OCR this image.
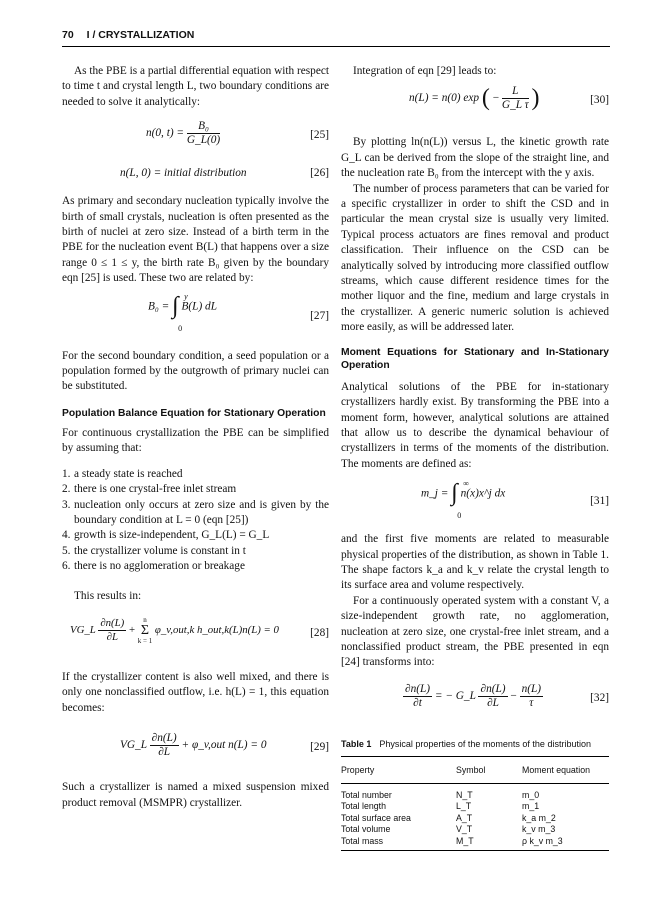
70 I / CRYSTALLIZATION

As the PBE is a partial differential equation with respect to time t and crystal length L, two boundary conditions are needed to solve it analytically:

n(0, $t) = \frac{\text{B₀}}{G\_L(0)}$	[25]
n(L, 0) = initial distribution	[26]

As primary and secondary nucleation typically involve the birth of small crystals, nucleation is often presented as the birth of nuclei at zero size. Instead of a birth term in the PBE for the nucleation event B(L) that happens over a size range 0 ≤ 1 ≤ y, the birth rate B₀ given by the boundary eqn [25] is used. These two are related by:

B₀ = ∫ y
0
B(L) dL
[27]

For the second boundary condition, a seed population or a population formed by the outgrowth of primary nuclei can be substituted.

Population Balance Equation for Stationary Operation

For continuous crystallization the PBE can be simplified by assuming that:

1. a steady state is reached
2. there is one crystal-free inlet stream
3. nucleation only occurs at zero size and is given by the boundary condition at L = 0 (eqn [25])
4. growth is size-independent, G_L(L) = G_L
5. the crystallizer volume is constant in t
6. there is no agglomeration or breakage

This results in:

VG_L $\frac{\partial n(L)}{\partial L}$ +
n
Σ
k = 1
φ_v,out,k h_out,k(L)n(L) = 0	[28]

If the crystallizer content is also well mixed, and there is only one nonclassified outflow, i.e. h(L) = 1, this equation becomes:

VG_L $\frac{\partial n(L)}{\partial L}$ + φ_v,out n(L) = 0	[29]

Such a crystallizer is named a mixed suspension mixed product removal (MSMPR) crystallizer.

Integration of eqn [29] leads to:

n(L) = n(0) exp ( − $\frac{L}{\text{G\_L τ}}$ )	[30]

By plotting ln(n(L)) versus L, the kinetic growth rate G_L can be derived from the slope of the straight line, and the nucleation rate B₀ from the intercept with the y axis.

The number of process parameters that can be varied for a specific crystallizer in order to shift the CSD and in particular the mean crystal size is usually very limited. Typical process actuators are fines removal and product classification. Their influence on the CSD can be analytically solved by introducing more classified outflow streams, which cause different residence times for the mother liquor and the fine, medium and large crystals in the crystallizer. A generic numeric solution is achieved more easily, as will be addressed later.

Moment Equations for Stationary and In-Stationary Operation

Analytical solutions of the PBE for in-stationary crystallizers hardly exist. By transforming the PBE into a moment form, however, analytical solutions are attained that allow us to describe the dynamical behaviour of crystallizers in terms of the moments of the distribution. The moments are defined as:

m_j = ∫ ∞
0
n(x)x^j dx
[31]

and the first five moments are related to measurable physical properties of the distribution, as shown in Table 1. The shape factors k_a and k_v relate the crystal length to its surface area and volume respectively.

For a continuously operated system with a constant V, a size-independent growth rate, no agglomeration, nucleation at zero size, one crystal-free inlet stream, and a nonclassified product stream, the PBE presented in eqn [24] transforms into:

$\frac{\partial n(L)}{\partial t}$ = − G_L $\frac{\partial n(L)}{\partial L} - \frac{n(L)}{\tau}$	[32]
Table 1 Physical properties of the moments of the distribution
Property	Symbol	Moment equation
Total number	N_T	m_0
Total length	L_T	m_1
Total surface area	A_T	k_a m_2
Total volume	V_T	k_v m_3
Total mass	M_T	ρ k_v m_3
